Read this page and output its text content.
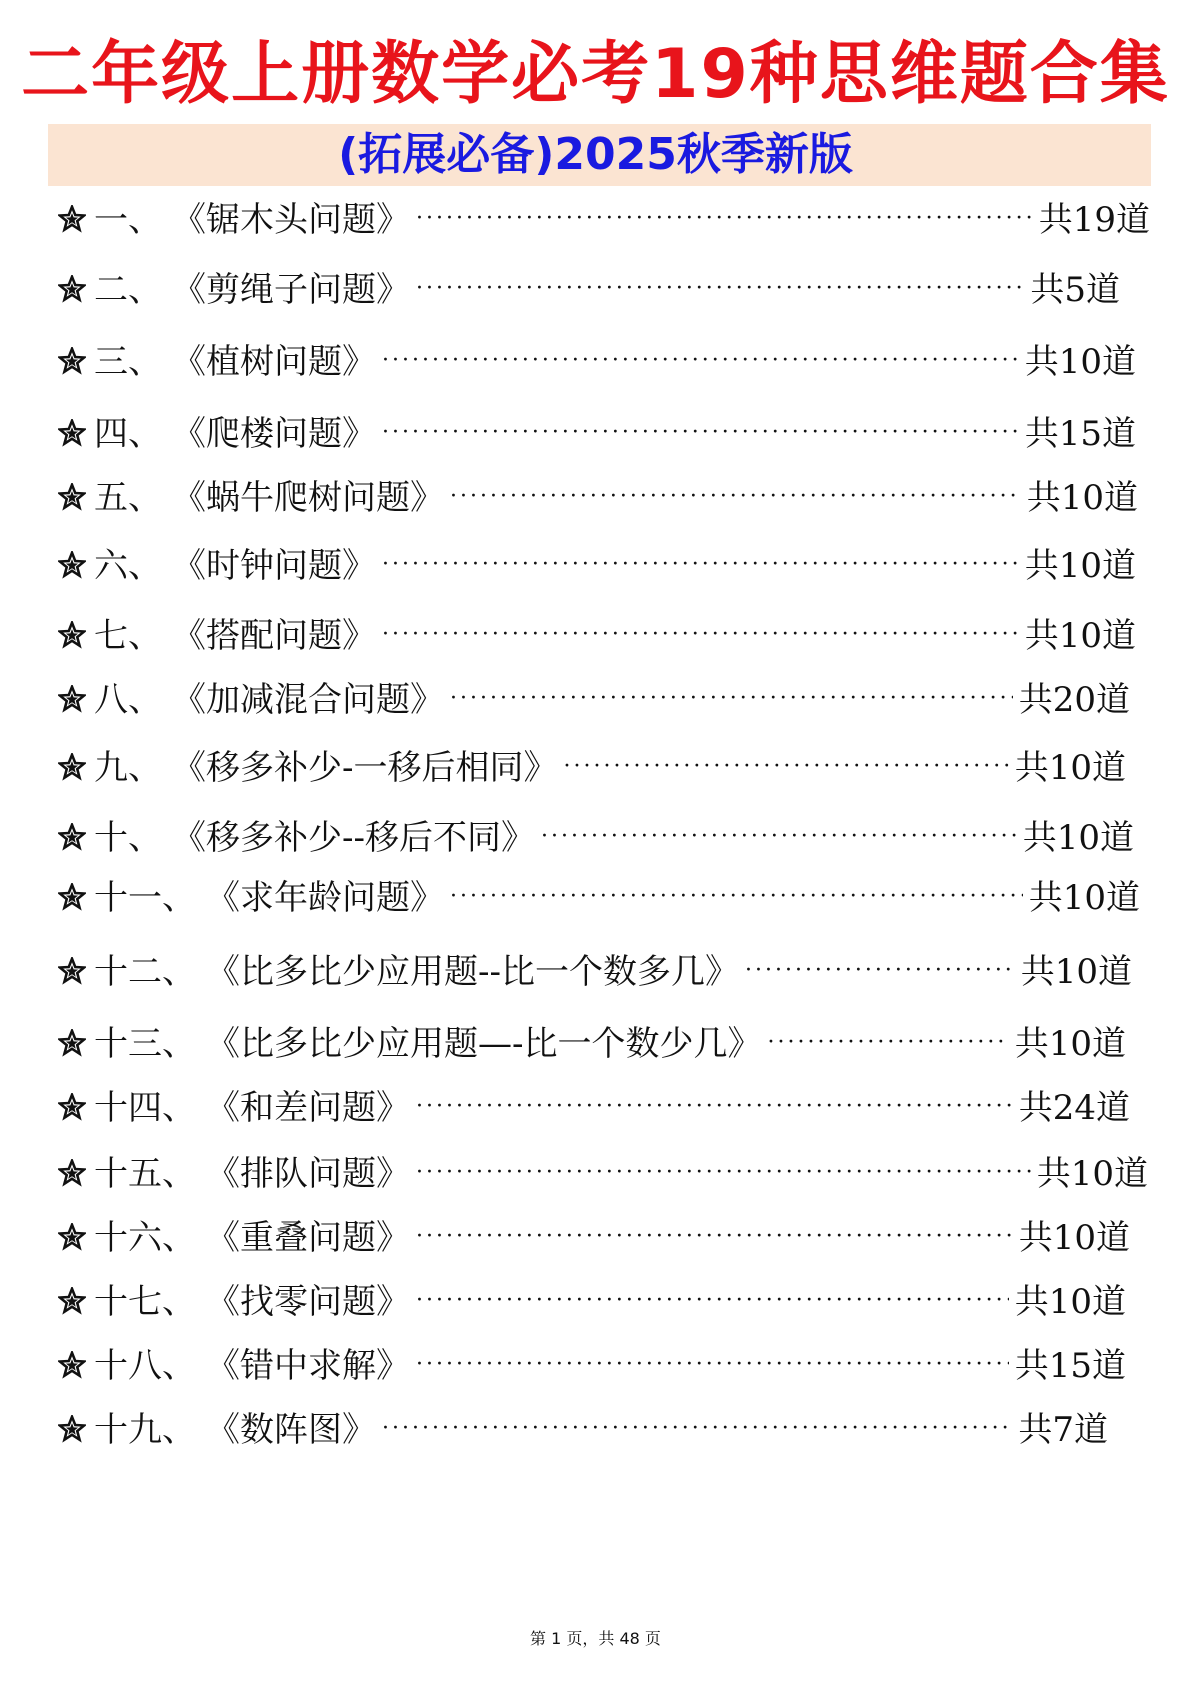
二年级上册数学必考19种思维题合集
(拓展必备)2025秋季新版
一、 《锯木头问题》 ·····	共19道
二、 《剪绳子问题》 ·····	共5道
三、 《植树问题》 ·····	共10道
四、 《爬楼问题》 ·····	共15道
五、 《蜗牛爬树问题》 ·····	共10道
六、 《时钟问题》 ·····	共10道
七、 《搭配问题》 ·····	共10道
八、 《加减混合问题》 ·····	共20道
九、 《移多补少-一移后相同》 ·····	共10道
十、 《移多补少--移后不同》 ·····	共10道
十一、 《求年龄问题》 ·····	共10道
十二、 《比多比少应用题--比一个数多几》 ·····	共10道
十三、 《比多比少应用题—-比一个数少几》 ·····	共10道
十四、 《和差问题》 ·····	共24道
十五、 《排队问题》 ·····	共10道
十六、 《重叠问题》 ·····	共10道
十七、 《找零问题》 ·····	共10道
十八、 《错中求解》 ·····	共15道
十九、 《数阵图》 ·····	共7道
第 1 页，共 48 页
